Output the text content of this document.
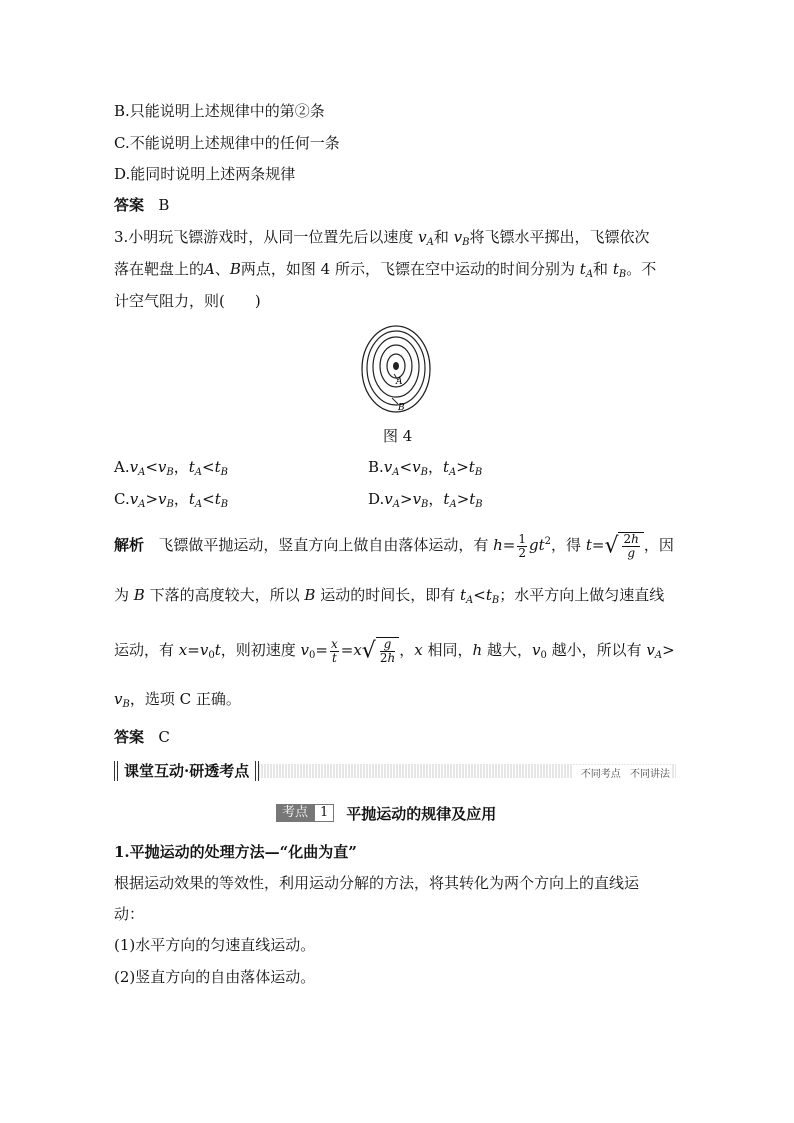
B.只能说明上述规律中的第②条
C.不能说明上述规律中的任何一条
D.能同时说明上述两条规律
答案 B
3.小明玩飞镖游戏时，从同一位置先后以速度 $v_A$和 $v_B$将飞镖水平掷出，飞镖依次
落在靶盘上的A、B两点，如图 4 所示，飞镖在空中运动的时间分别为 $t_A$和 $t_B$。不
计空气阻力，则(　　)
A
B
图 4
$A.v_A<v_B$，$t_A<t_B$	$B.v_A<v_B$，$t_A>t_B$
$C.v_A>v_B$，$t_A<t_B$	$D.v_A>v_B$，$t_A>t_B$
解析 飞镖做平抛运动，竖直方向上做自由落体运动，有 $h= \frac{1}{2} gt^2$，得 $t=√ \frac{2h}{g}$ ，因
为 B 下落的高度较大，所以 B 运动的时间长，即有 $t_A<t_B$；水平方向上做匀速直线
运动，有 $x=v_0t$，则初速度 $v_0= \frac{x}{t} =x√ \frac{g}{2h}$ ，x 相同，h 越大，$v_0$ 越小，所以有 $v_A>$
$v_B$，选项 C 正确。
答案 C
课堂互动·研透考点	不同考点 不同讲法
考点 1	平抛运动的规律及应用
1.平抛运动的处理方法—“化曲为直”
根据运动效果的等效性，利用运动分解的方法，将其转化为两个方向上的直线运
动：
(1)水平方向的匀速直线运动。
(2)竖直方向的自由落体运动。
